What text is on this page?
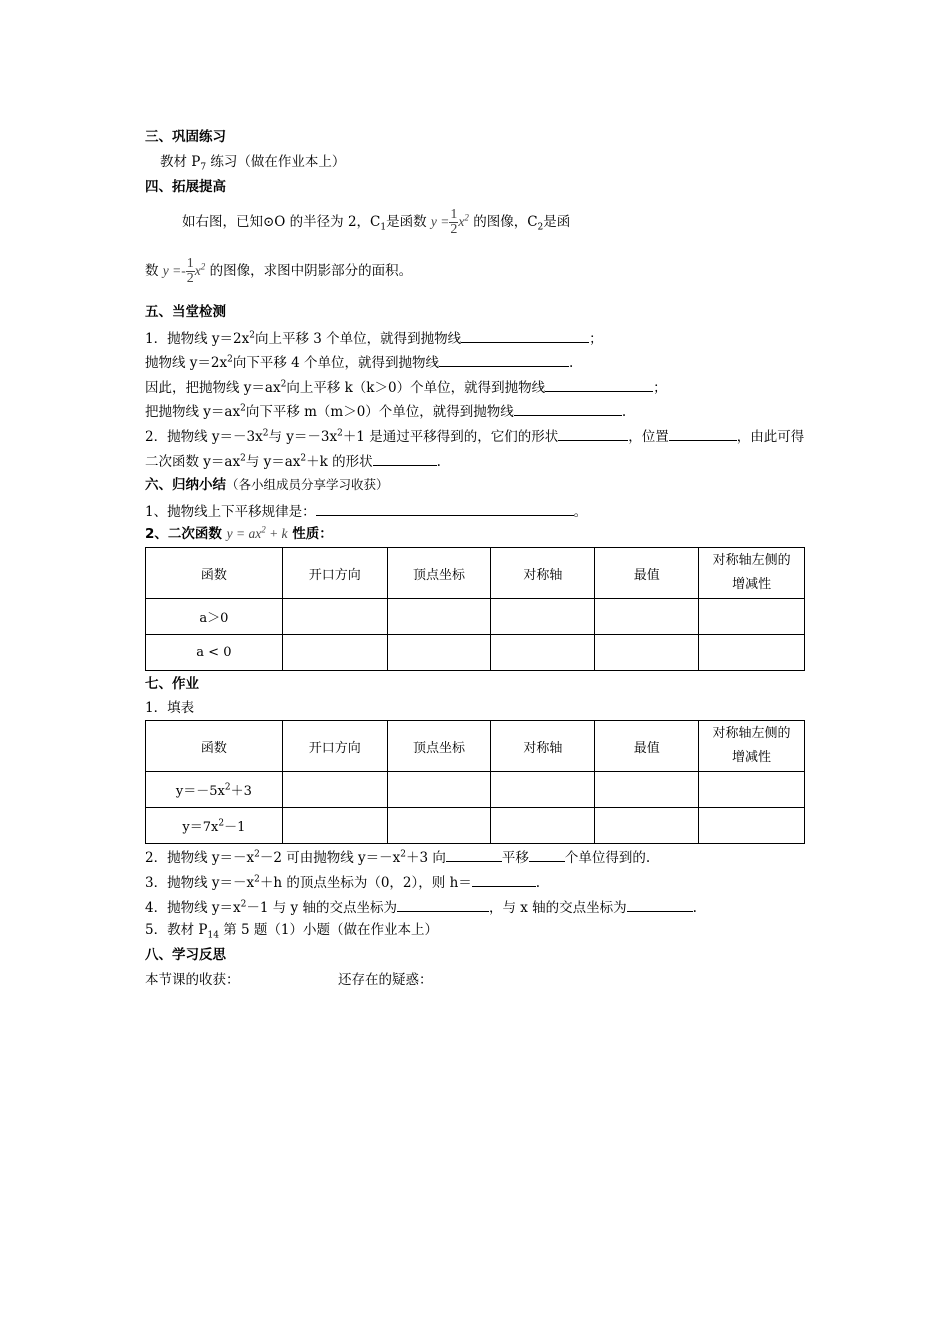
三、巩固练习
教材 $P_7$ 练习（做在作业本上）
四、拓展提高
如右图，已知⊙O 的半径为 2，$C_1$是函数 $y = \frac{1}{2} x^2$ 的图像，$C_2$是函
数 $y =- \frac{1}{2} x^2$ 的图像，求图中阴影部分的面积。
五、当堂检测
1．抛物线 $y=2x^2$向上平移 3 个单位，就得到抛物线	；
抛物线 $y=2x^2$向下平移 4 个单位，就得到抛物线	.
因此，把抛物线 $y=ax^2$向上平移 k（k＞0）个单位，就得到抛物线	；
把抛物线 $y=ax^2$向下平移 m（m＞0）个单位，就得到抛物线	.
2．抛物线 $y=-3x^2$与 $y=-3x^2+1$ 是通过平移得到的，它们的形状	，位置	，由此可得
二次函数 $y=ax^2$与 $y=ax^2+k$ 的形状	.
六、归纳小结（各小组成员分享学习收获）
1、抛物线上下平移规律是：	。
2、二次函数 $y = ax^2 + k$ 性质：
函数	开口方向	顶点坐标	对称轴	最值	对称轴左侧的
增减性
a＞0					
a < 0					
七、作业
1．填表
函数	开口方向	顶点坐标	对称轴	最值	对称轴左侧的
增减性
$y=-5x^2+3$					
$y=7x^2-1$					
2．抛物线 $y=-x^2-2$ 可由抛物线 $y=-x^2+3$ 向	平移	个单位得到的.
3．抛物线 $y=-x^2+h$ 的顶点坐标为（0，2），则 h＝	.
4．抛物线 $y=x^2-1$ 与 y 轴的交点坐标为	，与 x 轴的交点坐标为	.
5．教材 $P_{14}$ 第 5 题（1）小题（做在作业本上）
八、学习反思
本节课的收获：	还存在的疑惑：
